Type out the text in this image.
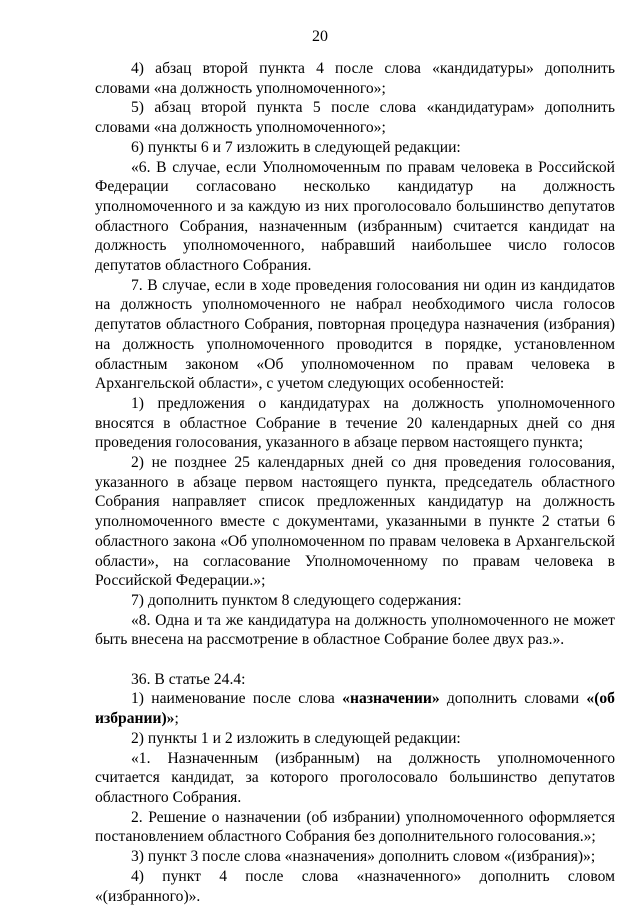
20

4) абзац второй пункта 4 после слова «кандидатуры» дополнить словами «на должность уполномоченного»;

5) абзац второй пункта 5 после слова «кандидатурам» дополнить словами «на должность уполномоченного»;

6) пункты 6 и 7 изложить в следующей редакции:

«6. В случае, если Уполномоченным по правам человека в Российской Федерации согласовано несколько кандидатур на должность уполномоченного и за каждую из них проголосовало большинство депутатов областного Собрания, назначенным (избранным) считается кандидат на должность уполномоченного, набравший наибольшее число голосов депутатов областного Собрания.

7. В случае, если в ходе проведения голосования ни один из кандидатов на должность уполномоченного не набрал необходимого числа голосов депутатов областного Собрания, повторная процедура назначения (избрания) на должность уполномоченного проводится в порядке, установленном областным законом «Об уполномоченном по правам человека в Архангельской области», с учетом следующих особенностей:

1) предложения о кандидатурах на должность уполномоченного вносятся в областное Собрание в течение 20 календарных дней со дня проведения голосования, указанного в абзаце первом настоящего пункта;

2) не позднее 25 календарных дней со дня проведения голосования, указанного в абзаце первом настоящего пункта, председатель областного Собрания направляет список предложенных кандидатур на должность уполномоченного вместе с документами, указанными в пункте 2 статьи 6 областного закона «Об уполномоченном по правам человека в Архангельской области», на согласование Уполномоченному по правам человека в Российской Федерации.»;

7) дополнить пунктом 8 следующего содержания:

«8. Одна и та же кандидатура на должность уполномоченного не может быть внесена на рассмотрение в областное Собрание более двух раз.».

36. В статье 24.4:

1) наименование после слова «назначении» дополнить словами «(об избрании)»;

2) пункты 1 и 2 изложить в следующей редакции:

«1. Назначенным (избранным) на должность уполномоченного считается кандидат, за которого проголосовало большинство депутатов областного Собрания.

2. Решение о назначении (об избрании) уполномоченного оформляется постановлением областного Собрания без дополнительного голосования.»;

3) пункт 3 после слова «назначения» дополнить словом «(избрания)»;

4) пункт 4 после слова «назначенного» дополнить словом «(избранного)».
